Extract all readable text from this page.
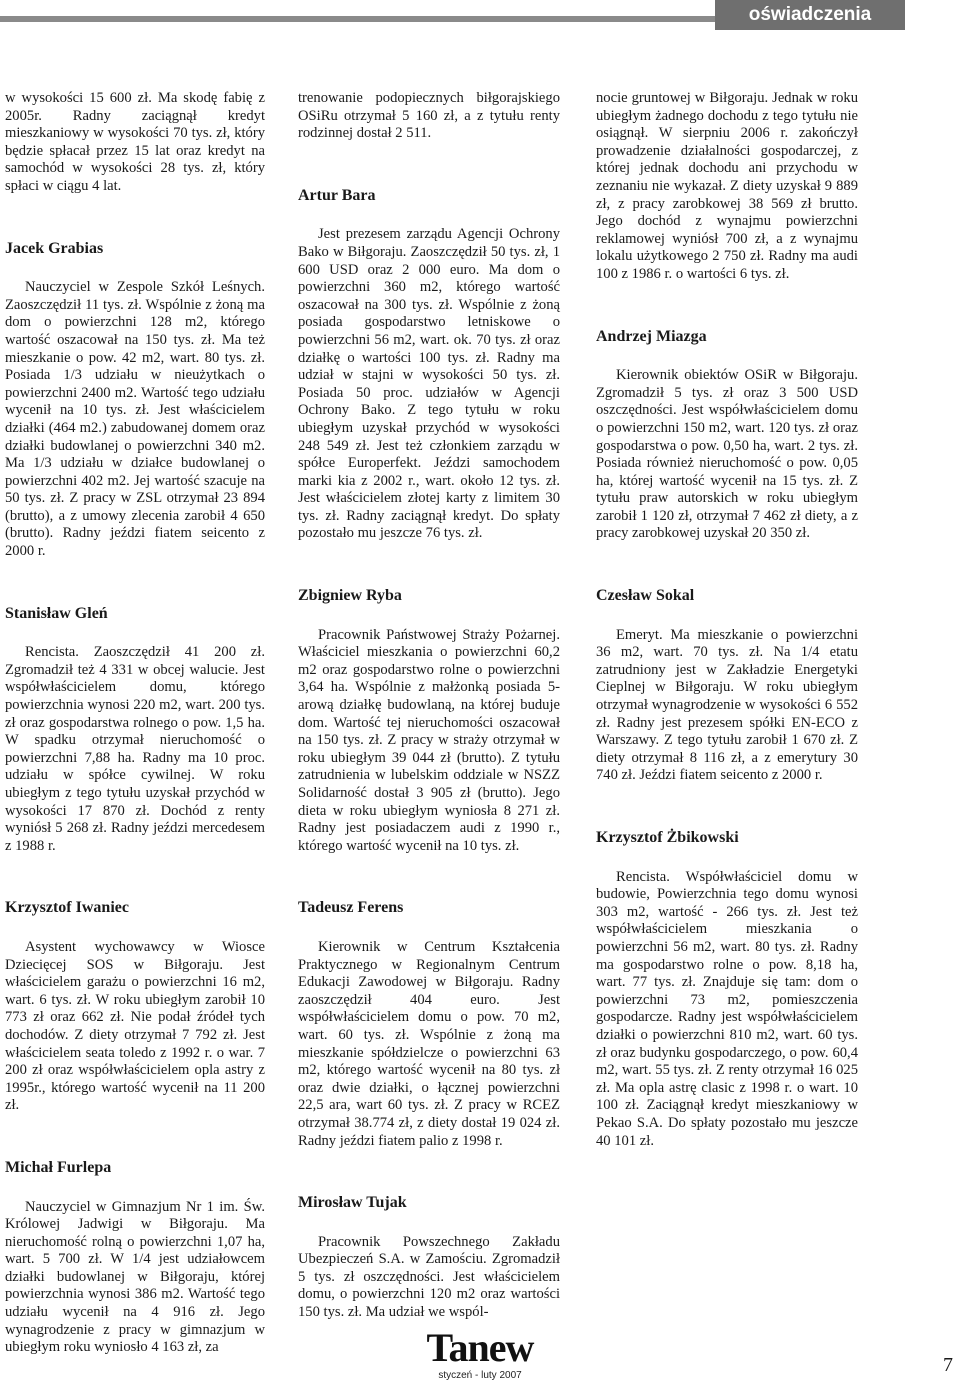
oświadczenia

w wysokości 15 600 zł. Ma skodę fabię z 2005r. Radny zaciągnął kredyt mieszkaniowy w wysokości 70 tys. zł, który będzie spłacał przez 15 lat oraz kredyt na samochód w wysokości 28 tys. zł, który spłaci w ciągu 4 lat.

Jacek Grabias

Nauczyciel w Zespole Szkół Leśnych. Zaoszczędził 11 tys. zł. Wspólnie z żoną ma dom o powierzchni 128 m2, którego wartość oszacował na 150 tys. zł. Ma też mieszkanie o pow. 42 m2, wart. 80 tys. zł. Posiada 1/3 udziału w nieużytkach o powierzchni 2400 m2. Wartość tego udziału wycenił na 10 tys. zł. Jest właścicielem działki (464 m2.) zabudowanej domem oraz działki budowlanej o powierzchni 340 m2. Ma 1/3 udziału w działce budowlanej o powierzchni 402 m2. Jej wartość szacuje na 50 tys. zł. Z pracy w ZSL otrzymał 23 894 (brutto), a z umowy zlecenia zarobił 4 650 (brutto). Radny jeździ fiatem seicento z 2000 r.

Stanisław Gleń

Rencista. Zaoszczędził 41 200 zł. Zgromadził też 4 331 w obcej walucie. Jest współwłaścicielem domu, którego powierzchnia wynosi 220 m2, wart. 200 tys. zł oraz gospodarstwa rolnego o pow. 1,5 ha. W spadku otrzymał nieruchomość o powierzchni 7,88 ha. Radny ma 10 proc. udziału w spółce cywilnej. W roku ubiegłym z tego tytułu uzyskał przychód w wysokości 17 870 zł. Dochód z renty wyniósł 5 268 zł. Radny jeździ mercedesem z 1988 r.

Krzysztof Iwaniec

Asystent wychowawcy w Wiosce Dziecięcej SOS w Biłgoraju. Jest właścicielem garażu o powierzchni 16 m2, wart. 6 tys. zł. W roku ubiegłym zarobił 10 773 zł oraz 662 zł. Nie podał źródeł tych dochodów. Z diety otrzymał 7 792 zł. Jest właścicielem seata toledo z 1992 r. o war. 7 200 zł oraz współwłaścicielem opla astry z 1995r., którego wartość wycenił na 11 200 zł.

Michał Furlepa

Nauczyciel w Gimnazjum Nr 1 im. Św. Królowej Jadwigi w Biłgoraju. Ma nieruchomość rolną o powierzchni 1,07 ha, wart. 5 700 zł. W 1/4 jest udziałowcem działki budowlanej w Biłgoraju, której powierzchnia wynosi 386 m2. Wartość tego udziału wycenił na 4 916 zł. Jego wynagrodzenie z pracy w gimnazjum w ubiegłym roku wyniosło 4 163 zł, za

trenowanie podopiecznych biłgorajskiego OSiRu otrzymał 5 160 zł, a z tytułu renty rodzinnej dostał 2 511.

Artur Bara

Jest prezesem zarządu Agencji Ochrony Bako w Biłgoraju. Zaoszczędził 50 tys. zł, 1 600 USD oraz 2 000 euro. Ma dom o powierzchni 360 m2, którego wartość oszacował na 300 tys. zł. Wspólnie z żoną posiada gospodarstwo letniskowe o powierzchni 56 m2, wart. ok. 70 tys. zł oraz działkę o wartości 100 tys. zł. Radny ma udział w stajni w wysokości 50 tys. zł. Posiada 50 proc. udziałów w Agencji Ochrony Bako. Z tego tytułu w roku ubiegłym uzyskał przychód w wysokości 248 549 zł. Jest też członkiem zarządu w spółce Europerfekt. Jeździ samochodem marki kia z 2002 r., wart. około 12 tys. zł. Jest właścicielem złotej karty z limitem 30 tys. zł. Radny zaciągnął kredyt. Do spłaty pozostało mu jeszcze 76 tys. zł.

Zbigniew Ryba

Pracownik Państwowej Straży Pożarnej. Właściciel mieszkania o powierzchni 60,2 m2 oraz gospodarstwo rolne o powierzchni 3,64 ha. Wspólnie z małżonką posiada 5-arową działkę budowlaną, na której buduje dom. Wartość tej nieruchomości oszacował na 150 tys. zł. Z pracy w straży otrzymał w roku ubiegłym 39 044 zł (brutto). Z tytułu zatrudnienia w lubelskim oddziale w NSZZ Solidarność dostał 3 905 zł (brutto). Jego dieta w roku ubiegłym wyniosła 8 271 zł. Radny jest posiadaczem audi z 1990 r., którego wartość wycenił na 10 tys. zł.

Tadeusz Ferens

Kierownik w Centrum Kształcenia Praktycznego w Regionalnym Centrum Edukacji Zawodowej w Biłgoraju. Radny zaoszczędził 404 euro. Jest współwłaścicielem domu o pow. 70 m2, wart. 60 tys. zł. Wspólnie z żoną ma mieszkanie spółdzielcze o powierzchni 63 m2, którego wartość wycenił na 80 tys. zł oraz dwie działki, o łącznej powierzchni 22,5 ara, wart 60 tys. zł. Z pracy w RCEZ otrzymał 38.774 zł, z diety dostał 19 024 zł. Radny jeździ fiatem palio z 1998 r.

Mirosław Tujak

Pracownik Powszechnego Zakładu Ubezpieczeń S.A. w Zamościu. Zgromadził 5 tys. zł oszczędności. Jest właścicielem domu, o powierzchni 120 m2 oraz wartości 150 tys. zł. Ma udział we wspól-

nocie gruntowej w Biłgoraju. Jednak w roku ubiegłym żadnego dochodu z tego tytułu nie osiągnął. W sierpniu 2006 r. zakończył prowadzenie działalności gospodarczej, z której jednak dochodu ani przychodu w zeznaniu nie wykazał. Z diety uzyskał 9 889 zł, z pracy zarobkowej 38 569 zł brutto. Jego dochód z wynajmu powierzchni reklamowej wyniósł 700 zł, a z wynajmu lokalu użytkowego 2 750 zł. Radny ma audi 100 z 1986 r. o wartości 6 tys. zł.

Andrzej Miazga

Kierownik obiektów OSiR w Biłgoraju. Zgromadził 5 tys. zł oraz 3 500 USD oszczędności. Jest współwłaścicielem domu o powierzchni 150 m2, wart. 120 tys. zł oraz gospodarstwa o pow. 0,50 ha, wart. 2 tys. zł. Posiada również nieruchomość o pow. 0,05 ha, której wartość wycenił na 15 tys. zł. Z tytułu praw autorskich w roku ubiegłym zarobił 1 120 zł, otrzymał 7 462 zł diety, a z pracy zarobkowej uzyskał 20 350 zł.

Czesław Sokal

Emeryt. Ma mieszkanie o powierzchni 36 m2, wart. 70 tys. zł. Na 1/4 etatu zatrudniony jest w Zakładzie Energetyki Cieplnej w Biłgoraju. W roku ubiegłym otrzymał wynagrodzenie w wysokości 6 552 zł. Radny jest prezesem spółki EN-ECO z Warszawy. Z tego tytułu zarobił 1 670 zł. Z diety otrzymał 8 116 zł, a z emerytury 30 740 zł. Jeździ fiatem seicento z 2000 r.

Krzysztof Żbikowski

Rencista. Współwłaściciel domu w budowie, Powierzchnia tego domu wynosi 303 m2, wartość - 266 tys. zł. Jest też współwłaścicielem mieszkania o powierzchni 56 m2, wart. 80 tys. zł. Radny ma gospodarstwo rolne o pow. 8,18 ha, wart. 77 tys. zł. Znajduje się tam: dom o powierzchni 73 m2, pomieszczenia gospodarcze. Radny jest współwłaścicielem działki o powierzchni 810 m2, wart. 60 tys. zł oraz budynku gospodarczego, o pow. 60,4 m2, wart. 55 tys. zł. Z renty otrzymał 16 025 zł. Ma opla astrę clasic z 1998 r. o wart. 10 100 zł. Zaciągnął kredyt mieszkaniowy w Pekao S.A. Do spłaty pozostało mu jeszcze 40 101 zł.

Tanew
styczeń - luty 2007	7
